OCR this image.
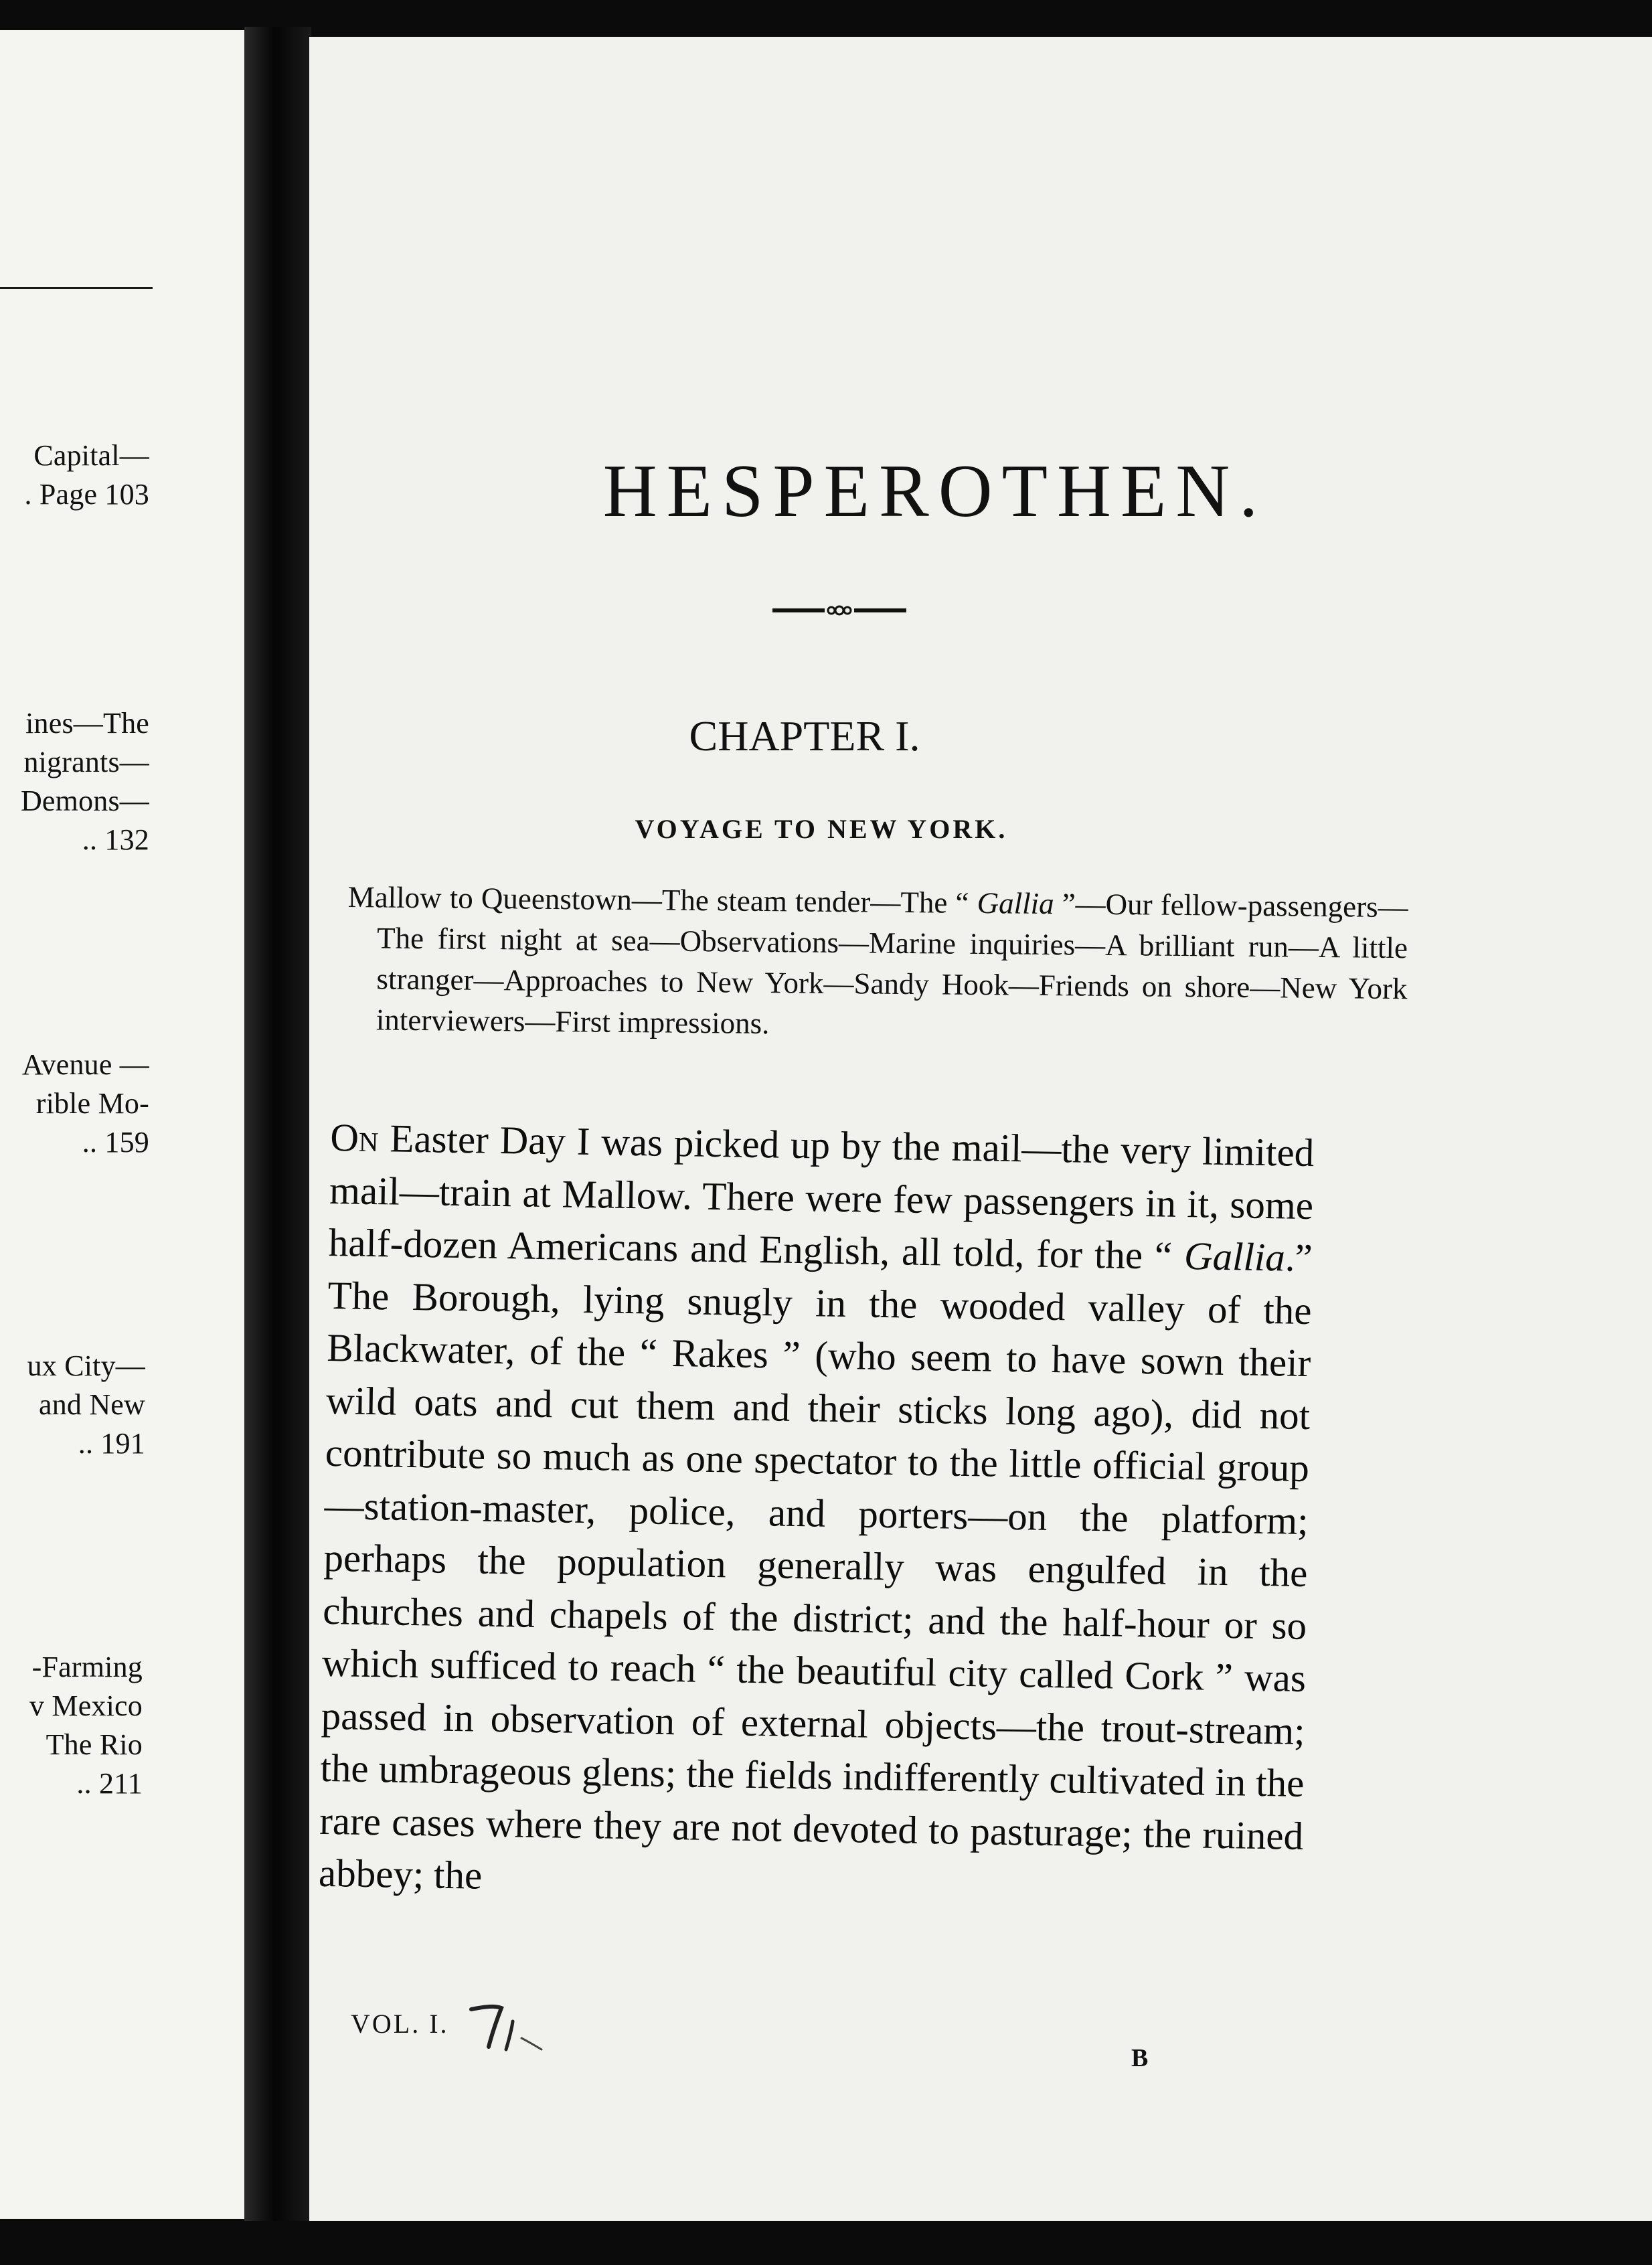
Capital—
. Page 103
ines—The
nigrants—
Demons—
.. 132
Avenue —
rible Mo-
.. 159
ux City—
and New
.. 191
-Farming
v Mexico
The Rio
.. 211
HESPEROTHEN.
CHAPTER I.
VOYAGE TO NEW YORK.
Mallow to Queenstown—The steam tender—The “ Gallia ”—Our fellow-passengers—The first night at sea—Observations—Marine inquiries—A brilliant run—A little stranger—Approaches to New York—Sandy Hook—Friends on shore—New York interviewers—First impressions.
On Easter Day I was picked up by the mail—the very limited mail—train at Mallow. There were few passengers in it, some half-dozen Americans and English, all told, for the “ Gallia.” The Borough, lying snugly in the wooded valley of the Blackwater, of the “ Rakes ” (who seem to have sown their wild oats and cut them and their sticks long ago), did not contribute so much as one spectator to the little official group—station-master, police, and porters—on the platform; perhaps the population generally was engulfed in the churches and chapels of the district; and the half-hour or so which sufficed to reach “ the beautiful city called Cork ” was passed in observation of external objects—the trout-stream; the umbrageous glens; the fields indifferently cultivated in the rare cases where they are not devoted to pasturage; the ruined abbey; the
VOL. I.
B
